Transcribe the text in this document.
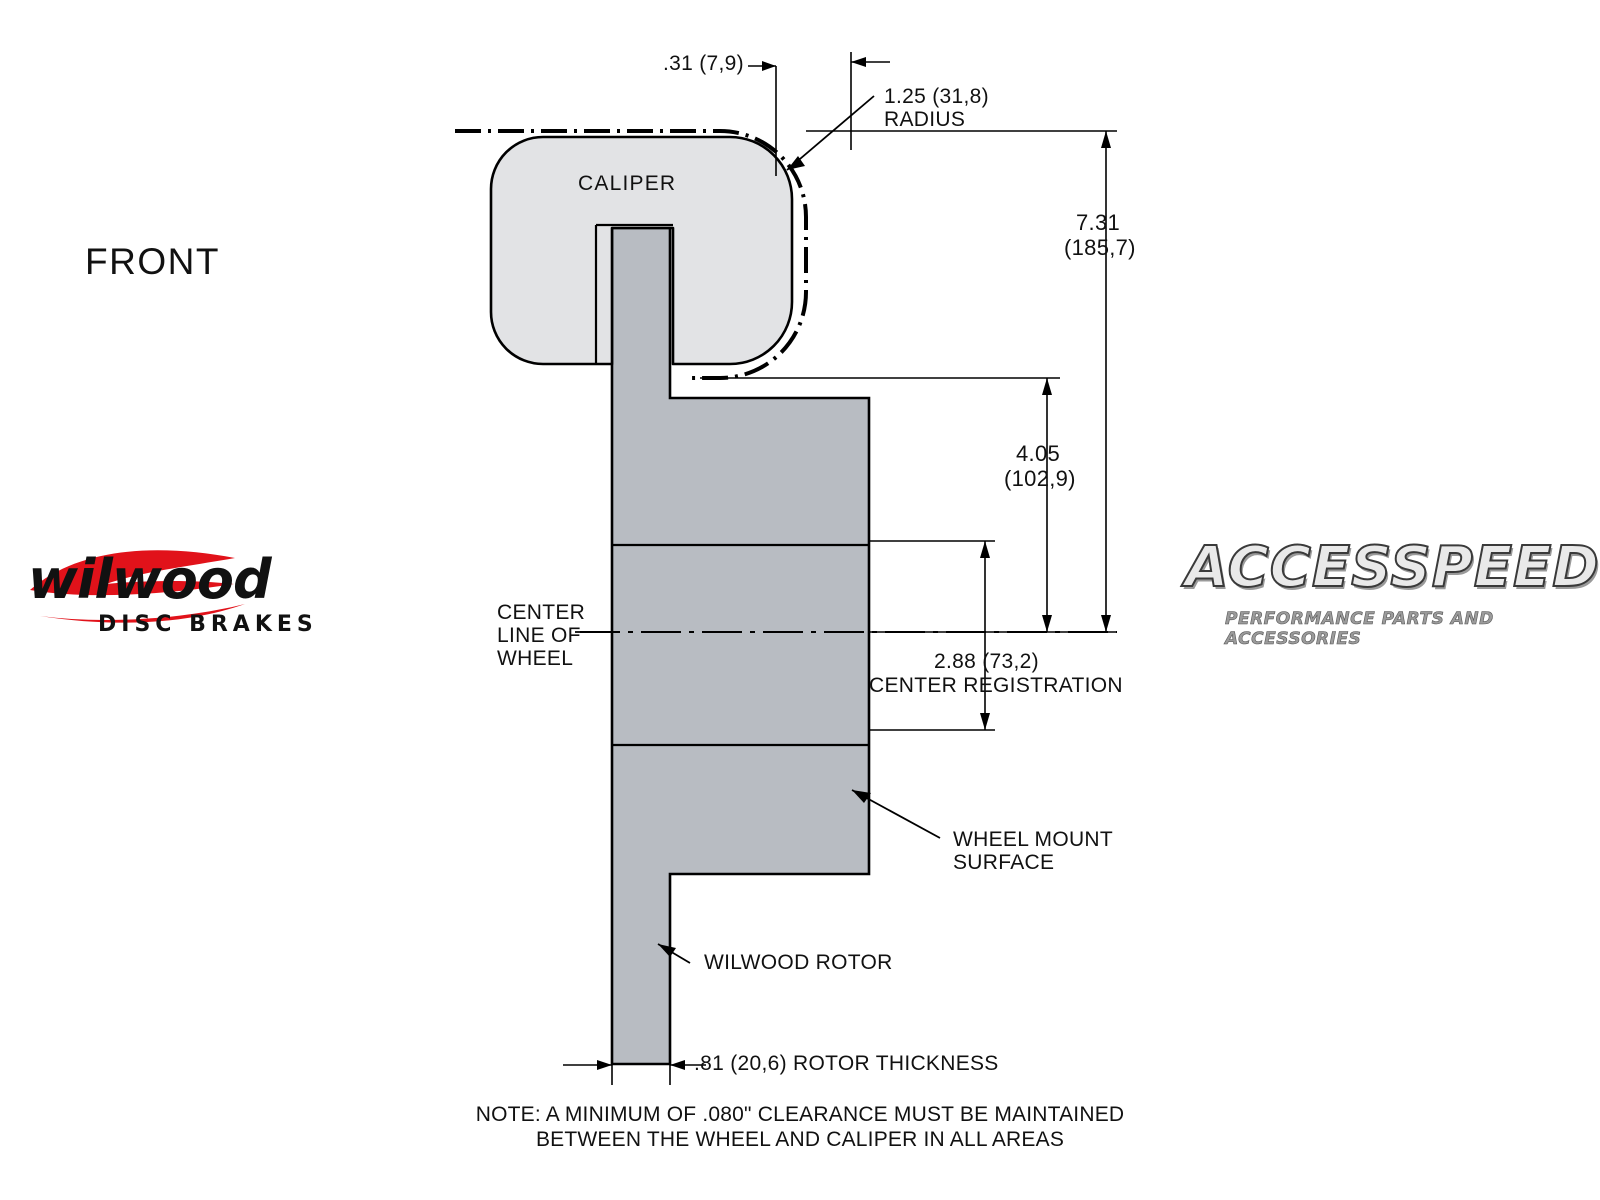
FRONT
CALIPER
.31 (7,9)
1.25 (31,8)
RADIUS
7.31
(185,7)
4.05
(102,9)
2.88 (73,2)
CENTER REGISTRATION
CENTER
LINE OF
WHEEL
WHEEL MOUNT
SURFACE
WILWOOD ROTOR
.81 (20,6) ROTOR THICKNESS
NOTE: A MINIMUM OF .080" CLEARANCE MUST BE MAINTAINED
BETWEEN THE WHEEL AND CALIPER IN ALL AREAS
wilwood
DISC BRAKES
ACCESSPEED
PERFORMANCE PARTS AND ACCESSORIES
